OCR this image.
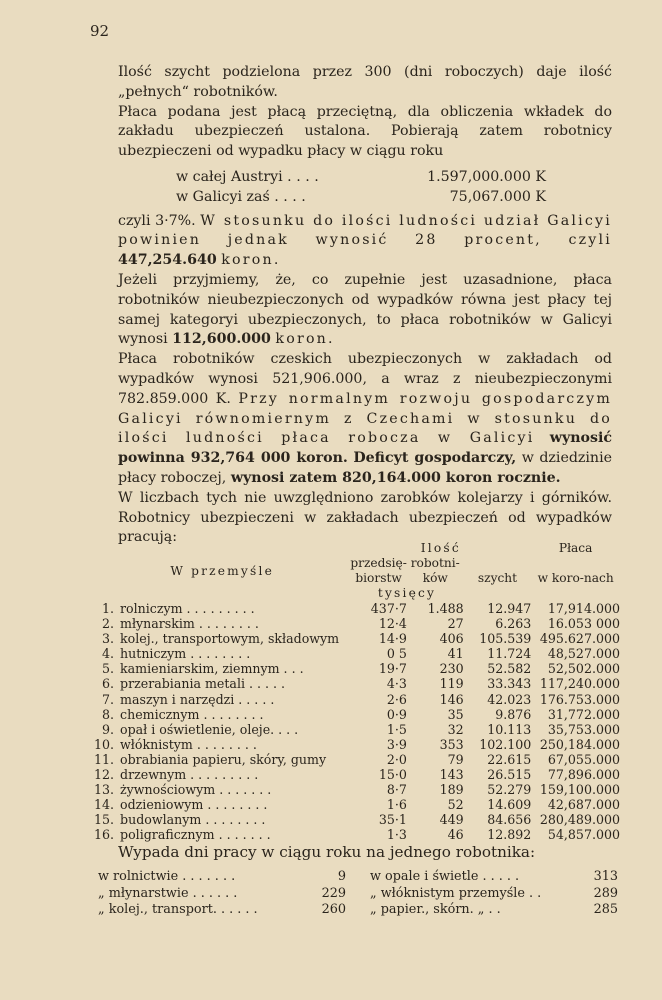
92

Ilość szycht podzielona przez 300 (dni roboczych) daje ilość „pełnych“ robotników.

Płaca podana jest płacą przeciętną, dla obliczenia wkładek do zakładu ubezpieczeń ustalona. Pobierają zatem robotnicy ubezpieczeni od wypadku płacy w ciągu roku

w całej Austryi . . . .	1.597,000.000 K
w Galicyi zaś . . . .	75,067.000 K

czyli 3·7%. W stosunku do ilości ludności udział Galicyi powinien jednak wynosić 28 procent, czyli 447,254.640 koron.

Jeżeli przyjmiemy, że, co zupełnie jest uzasadnione, płaca robotników nieubezpieczonych od wypadków równa jest płacy tej samej kategoryi ubezpieczonych, to płaca robotników w Galicyi wynosi 112,600.000 koron.

Płaca robotników czeskich ubezpieczonych w zakładach od wypadków wynosi 521,906.000, a wraz z nieubezpieczonymi 782.859.000 K. Przy normalnym rozwoju gospodarczym Galicyi równomiernym z Czechami w stosunku do ilości ludności płaca robocza w Galicyi wynosić powinna 932,764 000 koron. Deficyt gospodarczy, w dziedzinie płacy roboczej, wynosi zatem 820,164.000 koron rocznie.

W liczbach tych nie uwzględniono zarobków kolejarzy i górników. Robotnicy ubezpieczeni w zakładach ubezpieczeń od wypadków pracują:

W przemyśle		Ilość			Płaca
		przedsię-biorstw	robotni-ków	szycht	w koro-nach
		tysięcy			
1.	rolniczym . . . . . . . . .	437·7	1.488	12.947	17,914.000
2.	młynarskim . . . . . . . .	12·4	27	6.263	16.053 000
3.	kolej., transportowym, składowym	14·9	406	105.539	495.627.000
4.	hutniczym . . . . . . . .	0 5	41	11.724	48,527.000
5.	kamieniarskim, ziemnym . . .	19·7	230	52.582	52,502.000
6.	przerabiania metali . . . . .	4·3	119	33.343	117,240.000
7.	maszyn i narzędzi . . . . .	2·6	146	42.023	176.753.000
8.	chemicznym . . . . . . . .	0·9	35	9.876	31,772.000
9.	opał i oświetlenie, oleje. . . .	1·5	32	10.113	35,753.000
10.	włóknistym . . . . . . . .	3·9	353	102.100	250,184.000
11.	obrabiania papieru, skóry, gumy	2·0	79	22.615	67,055.000
12.	drzewnym . . . . . . . . .	15·0	143	26.515	77,896.000
13.	żywnościowym . . . . . . .	8·7	189	52.279	159,100.000
14.	odzieniowym . . . . . . . .	1·6	52	14.609	42,687.000
15.	budowlanym . . . . . . . .	35·1	449	84.656	280,489.000
16.	poligraficznym . . . . . . .	1·3	46	12.892	54,857.000
Wypada dni pracy w ciągu roku na jednego robotnika:
w rolnictwie . . . . . . .	9 w opale i świetle . . . . .	313
„ młynarstwie . . . . . .	229 „ włóknistym przemyśle . .	289
„ kolej., transport. . . . . .	260 „ papier., skórn. „ . .	285
